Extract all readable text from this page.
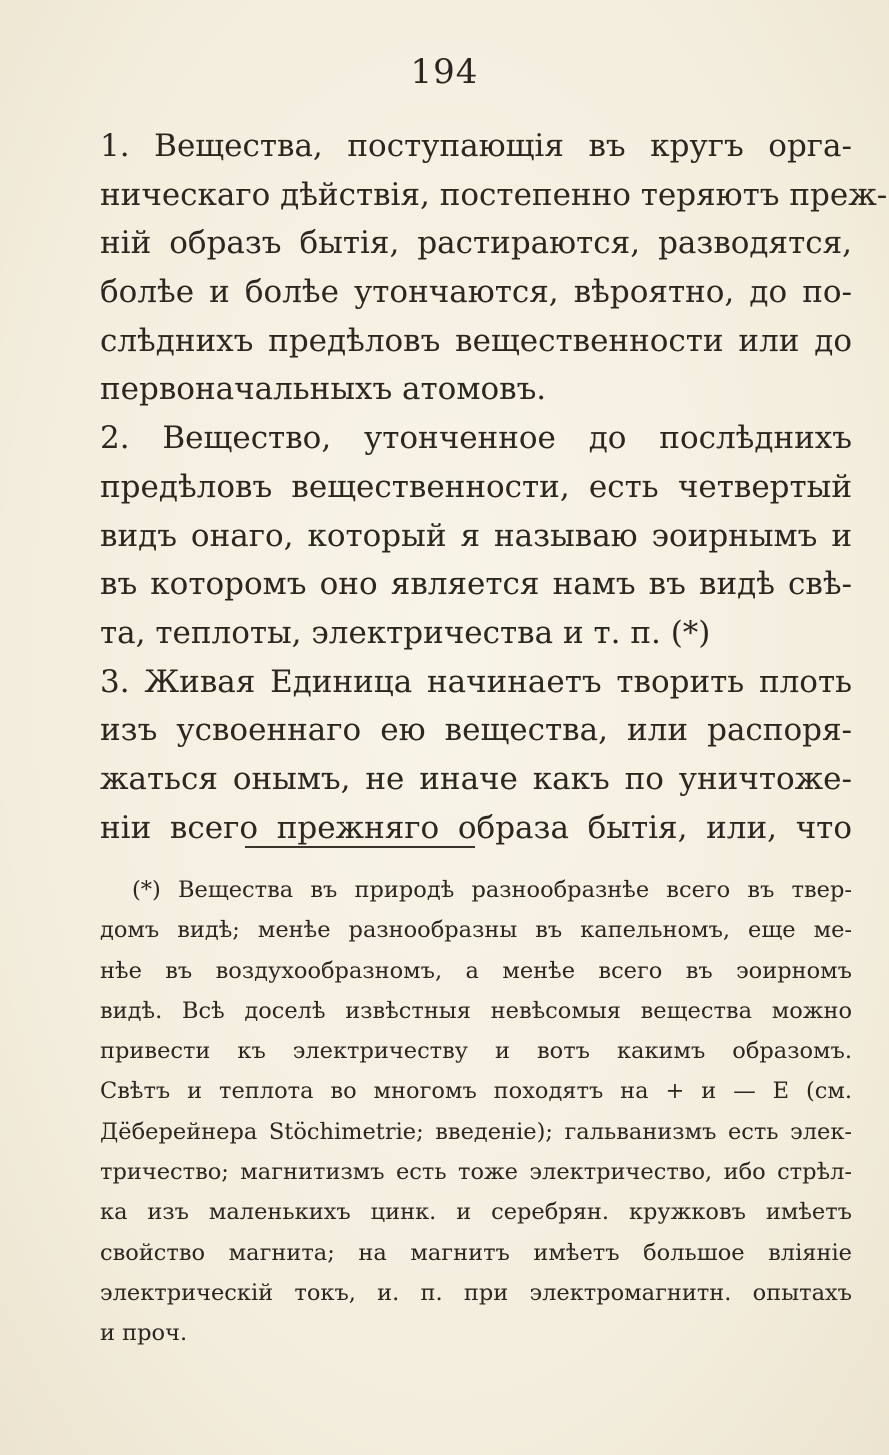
194
1. Вещества, поступающія въ кругъ орга-
ническаго дѣйствія, постепенно теряютъ преж-
ній образъ бытія, растираются, разводятся,
болѣе и болѣе утончаются, вѣроятно, до по-
слѣднихъ предѣловъ вещественности или до
первоначальныхъ атомовъ.
2. Вещество, утонченное до послѣднихъ
предѣловъ вещественности, есть четвертый
видъ онаго, который я называю эоирнымъ и
въ которомъ оно является намъ въ видѣ свѣ-
та, теплоты, электричества и т. п. (*)
3. Живая Единица начинаетъ творить плоть
изъ усвоеннаго ею вещества, или распоря-
жаться онымъ, не иначе какъ по уничтоже-
ніи всего прежняго образа бытія, или, что
(*) Вещества въ природѣ разнообразнѣе всего въ твер-
домъ видѣ; менѣе разнообразны въ капельномъ, еще ме-
нѣе въ воздухообразномъ, а менѣе всего въ эоирномъ
видѣ. Всѣ доселѣ извѣстныя невѣсомыя вещества можно
привести къ электричеству и вотъ какимъ образомъ.
Свѣтъ и теплота во многомъ походятъ на + и — E (см.
Дёберейнера Stöchimetrie; введеніе); гальванизмъ есть элек-
тричество; магнитизмъ есть тоже электричество, ибо стрѣл-
ка изъ маленькихъ цинк. и серебрян. кружковъ имѣетъ
свойство магнита; на магнитъ имѣетъ большое вліяніе
электрическій токъ, и. п. при электромагнитн. опытахъ
и проч.
